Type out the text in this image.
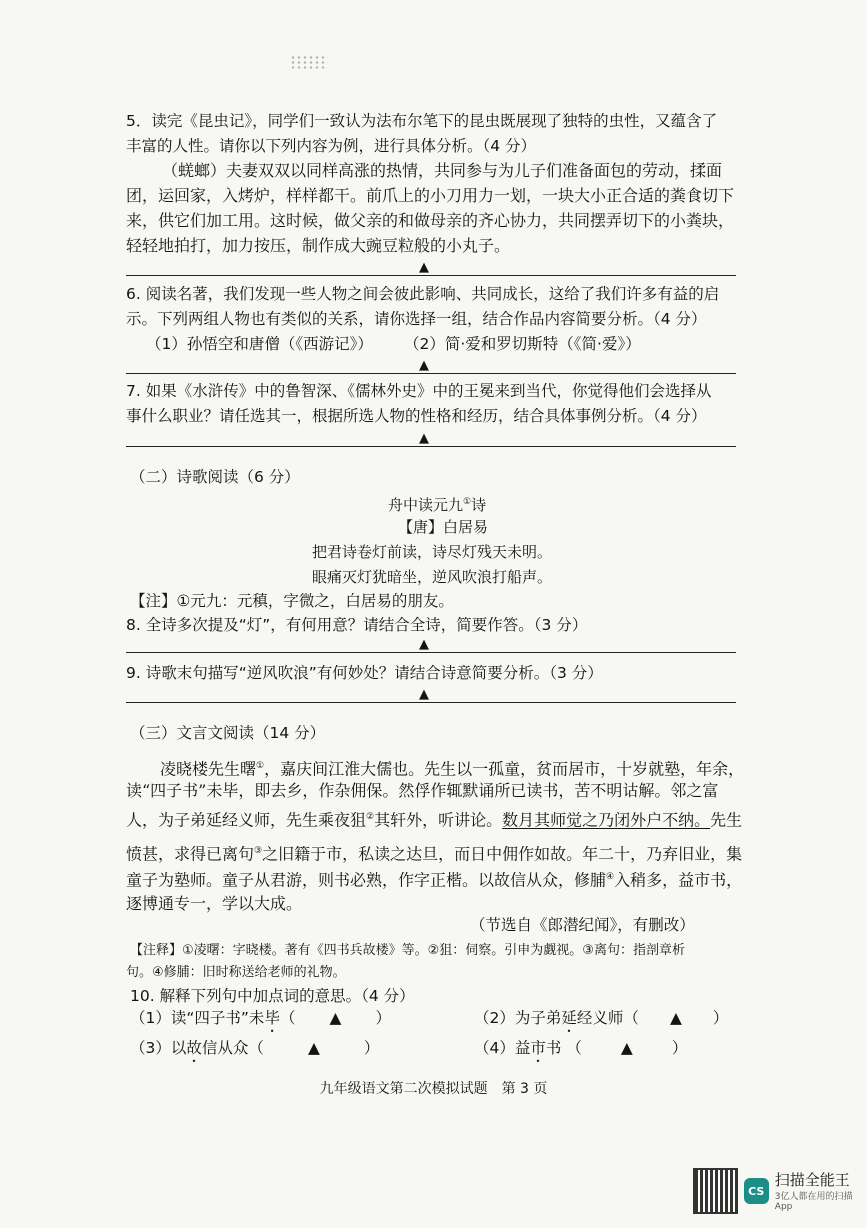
5．读完《昆虫记》，同学们一致认为法布尔笔下的昆虫既展现了独特的虫性，又蕴含了
丰富的人性。请你以下列内容为例，进行具体分析。（4 分）
（蜣螂）夫妻双双以同样高涨的热情，共同参与为儿子们准备面包的劳动，揉面
团，运回家，入烤炉，样样都干。前爪上的小刀用力一划，一块大小正合适的粪食切下
来，供它们加工用。这时候，做父亲的和做母亲的齐心协力，共同摆弄切下的小粪块，
轻轻地拍打，加力按压，制作成大豌豆粒般的小丸子。
▲
6. 阅读名著，我们发现一些人物之间会彼此影响、共同成长，这给了我们许多有益的启
示。下列两组人物也有类似的关系，请你选择一组，结合作品内容简要分析。（4 分）
（1）孙悟空和唐僧（《西游记》） （2）简·爱和罗切斯特（《简·爱》）
▲
7. 如果《水浒传》中的鲁智深、《儒林外史》中的王冕来到当代，你觉得他们会选择从
事什么职业？请任选其一，根据所选人物的性格和经历，结合具体事例分析。（4 分）
▲
（二）诗歌阅读（6 分）
舟中读元九①诗
【唐】白居易
把君诗卷灯前读，诗尽灯残天未明。
眼痛灭灯犹暗坐，逆风吹浪打船声。
【注】①元九：元稹，字微之，白居易的朋友。
8. 全诗多次提及“灯”，有何用意？请结合全诗，简要作答。（3 分）
▲
9. 诗歌末句描写“逆风吹浪”有何妙处？请结合诗意简要分析。（3 分）
▲
（三）文言文阅读（14 分）
凌晓楼先生曙①，嘉庆间江淮大儒也。先生以一孤童，贫而居市，十岁就塾，年余，
读“四子书”未毕，即去乡，作杂佣保。然俘作辄默诵所已读书，苦不明诂解。邻之富
人，为子弟延经义师，先生乘夜狙②其轩外，听讲论。数月其师觉之乃闭外户不纳。先生
愤甚，求得已离句③之旧籍于市，私读之达旦，而日中佣作如故。年二十，乃弃旧业，集
童子为塾师。童子从君游，则书必熟，作字正楷。以故信从众，修脯④入稍多，益市书，
逐博通专一，学以大成。
（节选自《郎潜纪闻》，有删改）
【注释】①凌曙：字晓楼。著有《四书兵故楼》等。②狙：伺察。引申为觑视。③离句：指剖章析
句。④修脯：旧时称送给老师的礼物。
10. 解释下列句中加点词的意思。（4 分）
（1）读“四子书”未毕（ ▲ ）	（2）为子弟延经义师（ ▲ ）
（3）以故信从众（	▲	）	（4）益市书 （	▲	）
九年级语文第二次模拟试题　第 3 页
CS
扫描全能王
3亿人都在用的扫描App
